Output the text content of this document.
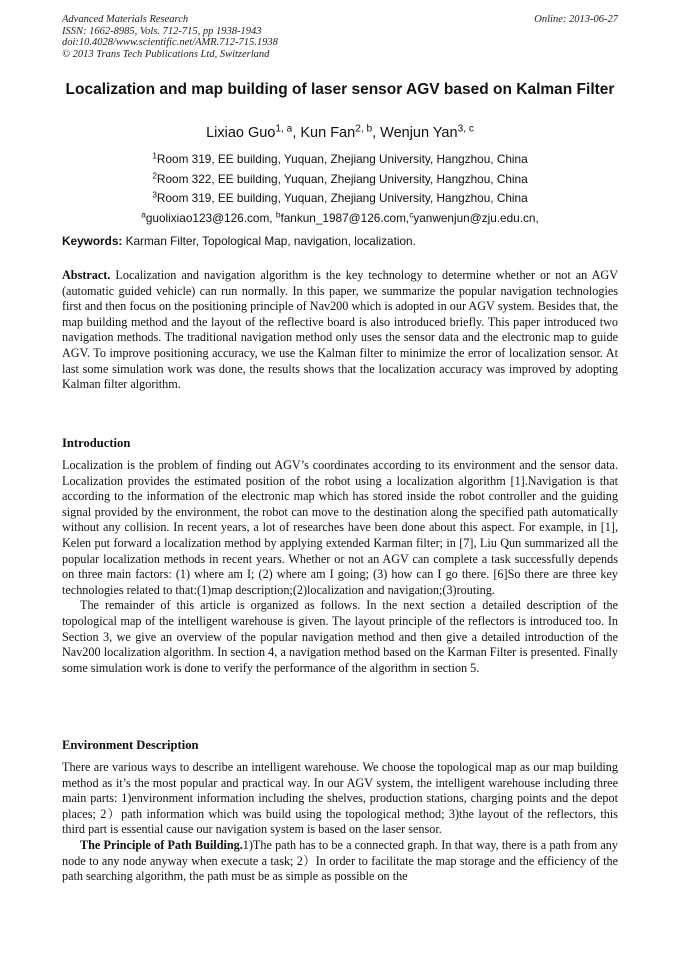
Advanced Materials Research
ISSN: 1662-8985, Vols. 712-715, pp 1938-1943
doi:10.4028/www.scientific.net/AMR.712-715.1938
© 2013 Trans Tech Publications Ltd, Switzerland
Online: 2013-06-27
Localization and map building of laser sensor AGV based on Kalman Filter
Lixiao Guo$^{1, a}$, Kun Fan$^{2, b}$, Wenjun Yan$^{3, c}$
$^1$Room 319, EE building, Yuquan, Zhejiang University, Hangzhou, China
$^2$Room 322, EE building, Yuquan, Zhejiang University, Hangzhou, China
$^3$Room 319, EE building, Yuquan, Zhejiang University, Hangzhou, China
$^a$guolixiao123@126.com, $^b$fankun_1987@126.com,$^c$yanwenjun@zju.edu.cn,
Keywords: Karman Filter, Topological Map, navigation, localization.

Abstract. Localization and navigation algorithm is the key technology to determine whether or not an AGV (automatic guided vehicle) can run normally. In this paper, we summarize the popular navigation technologies first and then focus on the positioning principle of Nav200 which is adopted in our AGV system. Besides that, the map building method and the layout of the reflective board is also introduced briefly. This paper introduced two navigation methods. The traditional navigation method only uses the sensor data and the electronic map to guide AGV. To improve positioning accuracy, we use the Kalman filter to minimize the error of localization sensor. At last some simulation work was done, the results shows that the localization accuracy was improved by adopting Kalman filter algorithm.

Introduction

Localization is the problem of finding out AGV’s coordinates according to its environment and the sensor data. Localization provides the estimated position of the robot using a localization algorithm [1].Navigation is that according to the information of the electronic map which has stored inside the robot controller and the guiding signal provided by the environment, the robot can move to the destination along the specified path automatically without any collision. In recent years, a lot of researches have been done about this aspect. For example, in [1], Kelen put forward a localization method by applying extended Karman filter; in [7], Liu Qun summarized all the popular localization methods in recent years. Whether or not an AGV can complete a task successfully depends on three main factors: (1) where am I; (2) where am I going; (3) how can I go there. [6]So there are three key technologies related to that:(1)map description;(2)localization and navigation;(3)routing.

The remainder of this article is organized as follows. In the next section a detailed description of the topological map of the intelligent warehouse is given. The layout principle of the reflectors is introduced too. In Section 3, we give an overview of the popular navigation method and then give a detailed introduction of the Nav200 localization algorithm. In section 4, a navigation method based on the Karman Filter is presented. Finally some simulation work is done to verify the performance of the algorithm in section 5.

Environment Description

There are various ways to describe an intelligent warehouse. We choose the topological map as our map building method as it’s the most popular and practical way. In our AGV system, the intelligent warehouse including three main parts: 1)environment information including the shelves, production stations, charging points and the depot places; 2）path information which was build using the topological method; 3)the layout of the reflectors, this third part is essential cause our navigation system is based on the laser sensor.

The Principle of Path Building.1)The path has to be a connected graph. In that way, there is a path from any node to any node anyway when execute a task; 2）In order to facilitate the map storage and the efficiency of the path searching algorithm, the path must be as simple as possible on the
